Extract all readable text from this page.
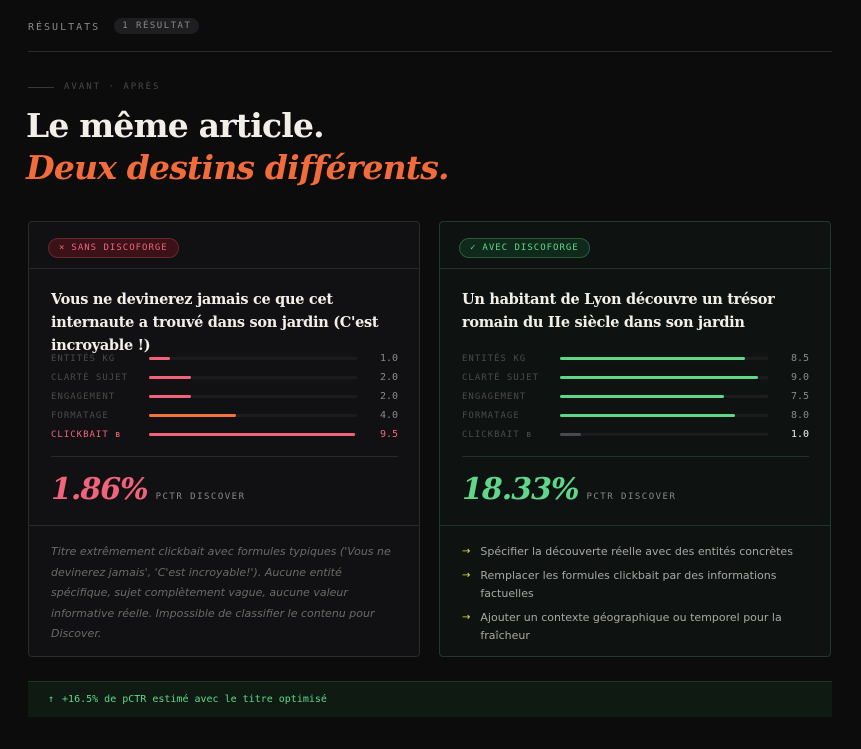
RÉSULTATS	1 RÉSULTAT
AVANT · APRÈS
Le même article.
Deux destins différents.
× SANS DISCOFORGE
Vous ne devinerez jamais ce que cet internaute a trouvé dans son jardin (C'est incroyable !)
ENTITÉS KG	1.0
CLARTÉ SUJET	2.0
ENGAGEMENT	2.0
FORMATAGE	4.0
CLICKBAIT ʙ	9.5
1.86% PCTR DISCOVER

Titre extrêmement clickbait avec formules typiques ('Vous ne devinerez jamais', 'C'est incroyable!'). Aucune entité spécifique, sujet complètement vague, aucune valeur informative réelle. Impossible de classifier le contenu pour Discover.

✓ AVEC DISCOFORGE
Un habitant de Lyon découvre un trésor romain du IIe siècle dans son jardin
ENTITÉS KG	8.5
CLARTÉ SUJET	9.0
ENGAGEMENT	7.5
FORMATAGE	8.0
CLICKBAIT ʙ	1.0
18.33% PCTR DISCOVER
→ Spécifier la découverte réelle avec des entités concrètes
→ Remplacer les formules clickbait par des informations factuelles
→ Ajouter un contexte géographique ou temporel pour la fraîcheur
↑ +16.5% de pCTR estimé avec le titre optimisé
